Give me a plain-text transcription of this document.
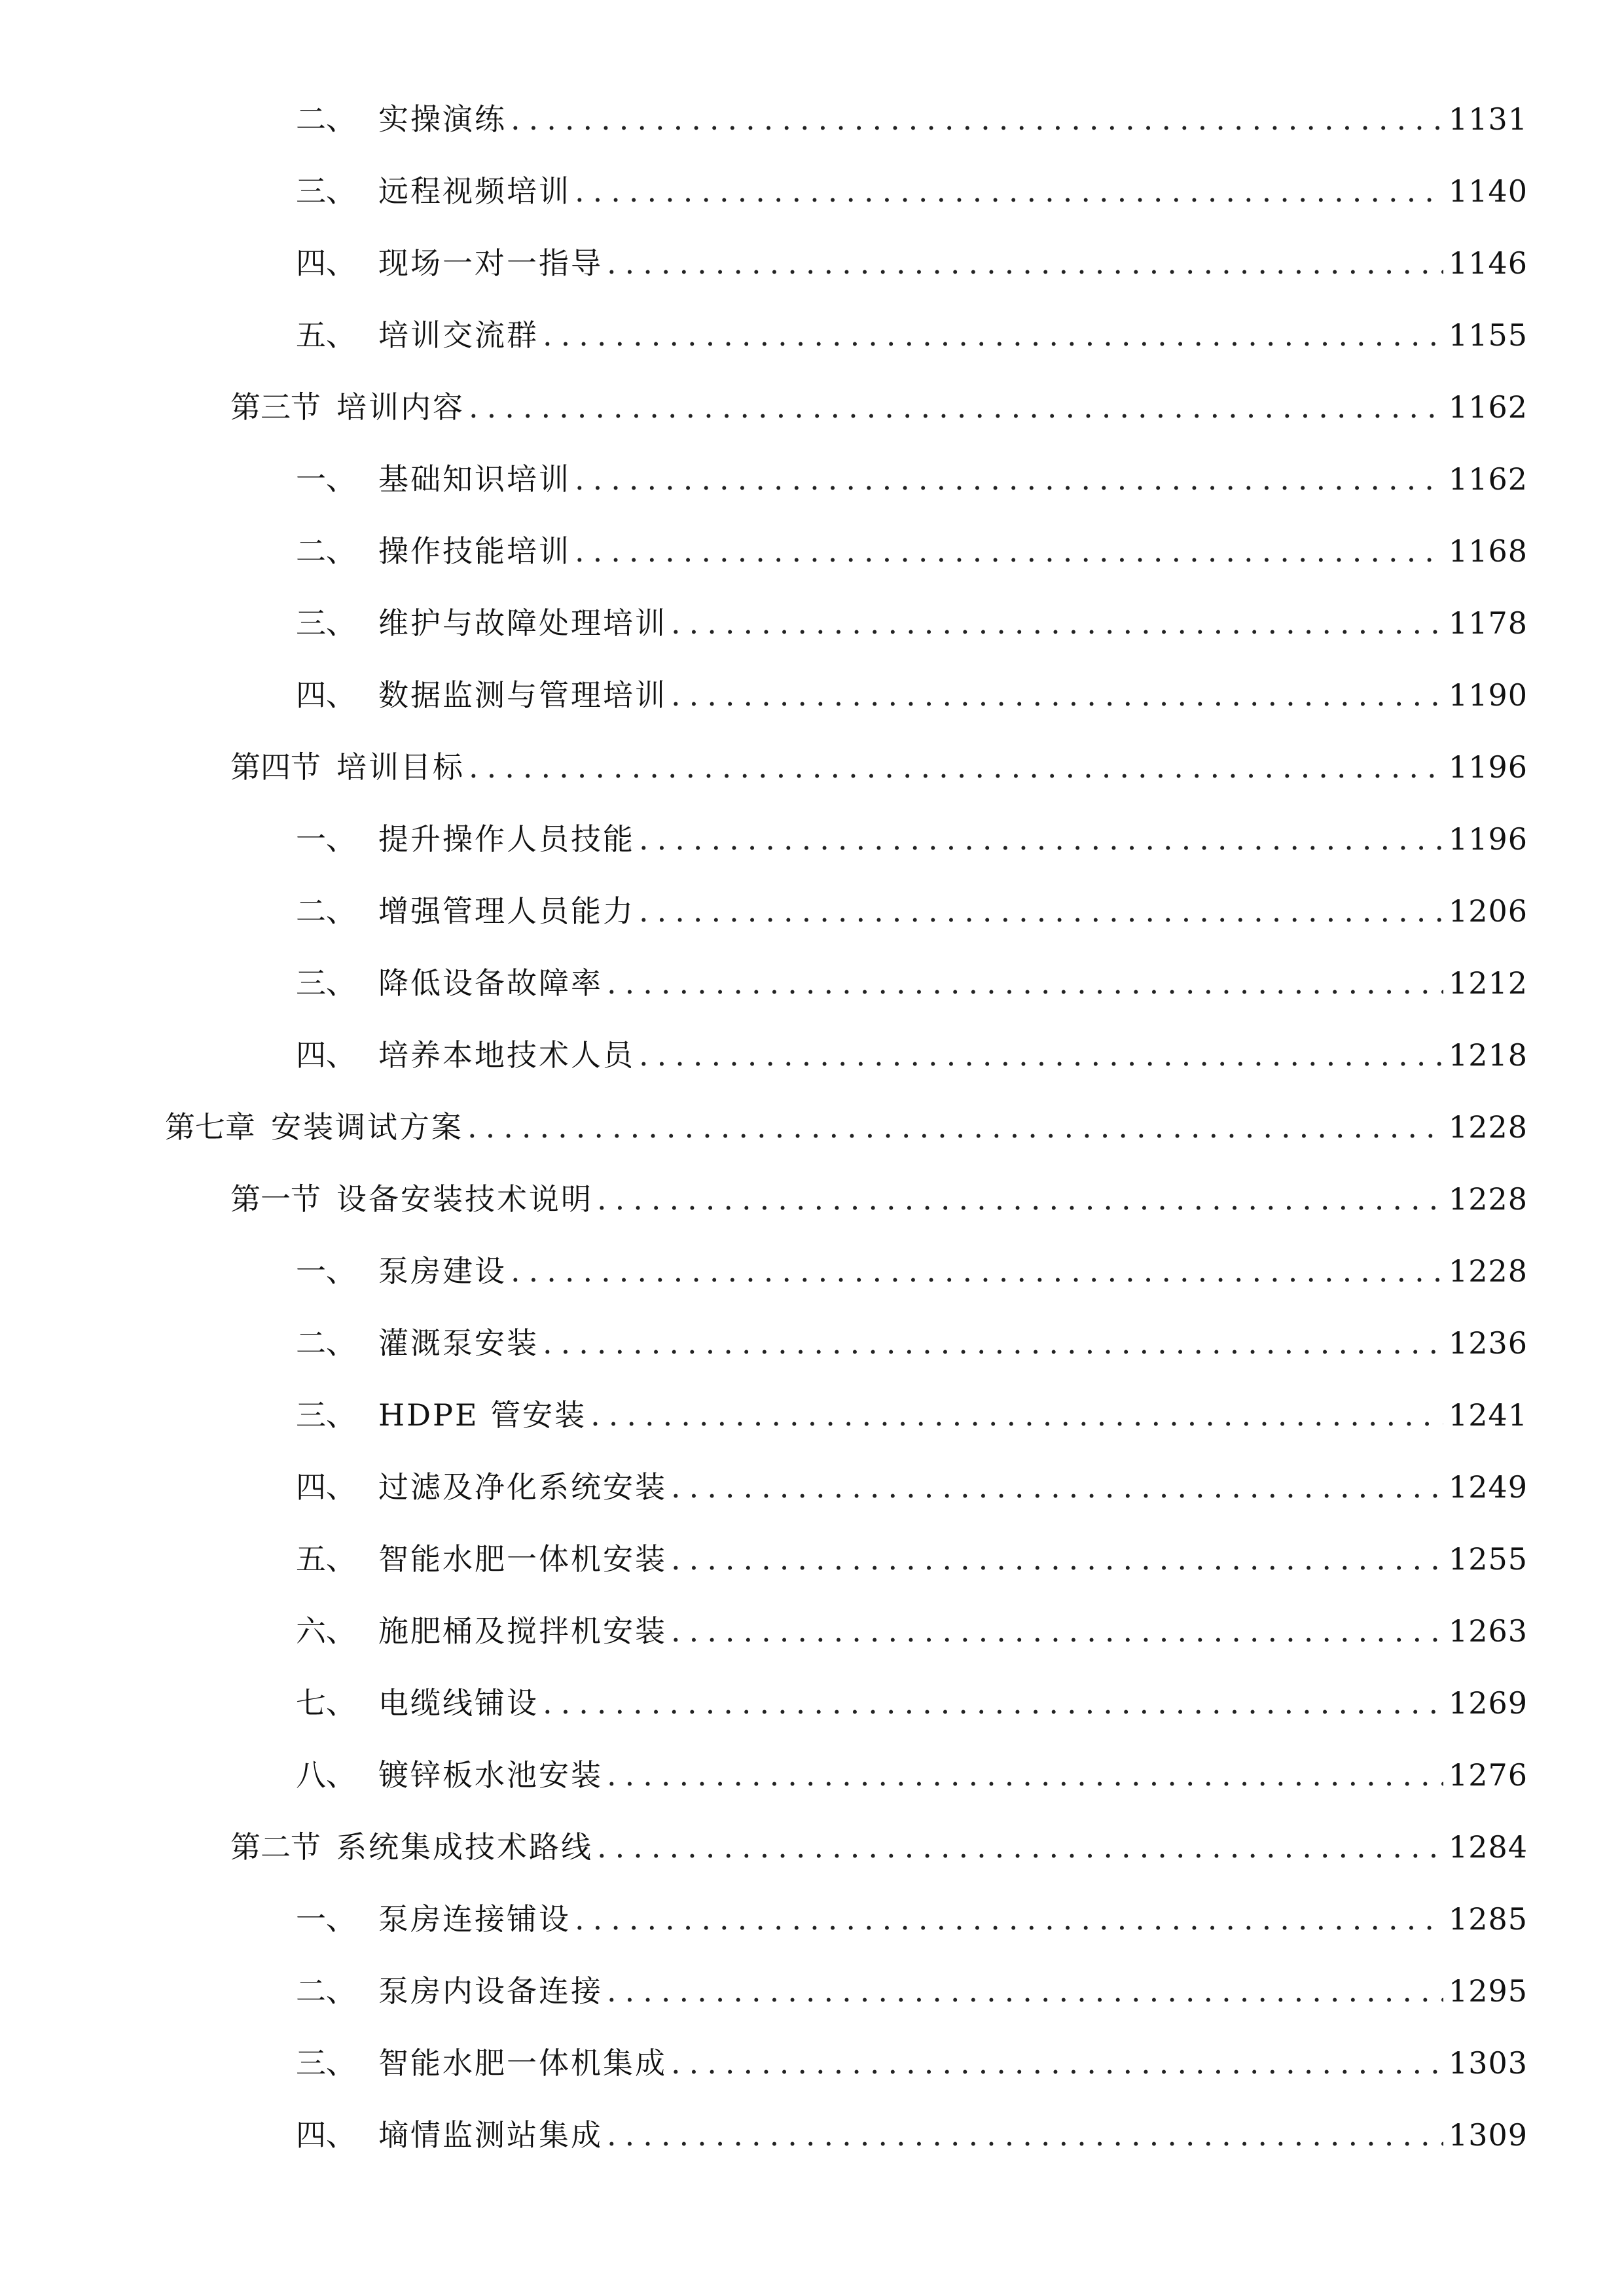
二、 实操演练 .....	1131
三、 远程视频培训 .....	1140
四、 现场一对一指导 .....	1146
五、 培训交流群 .....	1155
第三节 培训内容 .....	1162
一、 基础知识培训 .....	1162
二、 操作技能培训 .....	1168
三、 维护与故障处理培训 .....	1178
四、 数据监测与管理培训 .....	1190
第四节 培训目标 .....	1196
一、 提升操作人员技能 .....	1196
二、 增强管理人员能力 .....	1206
三、 降低设备故障率 .....	1212
四、 培养本地技术人员 .....	1218
第七章 安装调试方案 .....	1228
第一节 设备安装技术说明 .....	1228
一、 泵房建设 .....	1228
二、 灌溉泵安装 .....	1236
三、 HDPE 管安装 .....	1241
四、 过滤及净化系统安装 .....	1249
五、 智能水肥一体机安装 .....	1255
六、 施肥桶及搅拌机安装 .....	1263
七、 电缆线铺设 .....	1269
八、 镀锌板水池安装 .....	1276
第二节 系统集成技术路线 .....	1284
一、 泵房连接铺设 .....	1285
二、 泵房内设备连接 .....	1295
三、 智能水肥一体机集成 .....	1303
四、 墒情监测站集成 .....	1309
